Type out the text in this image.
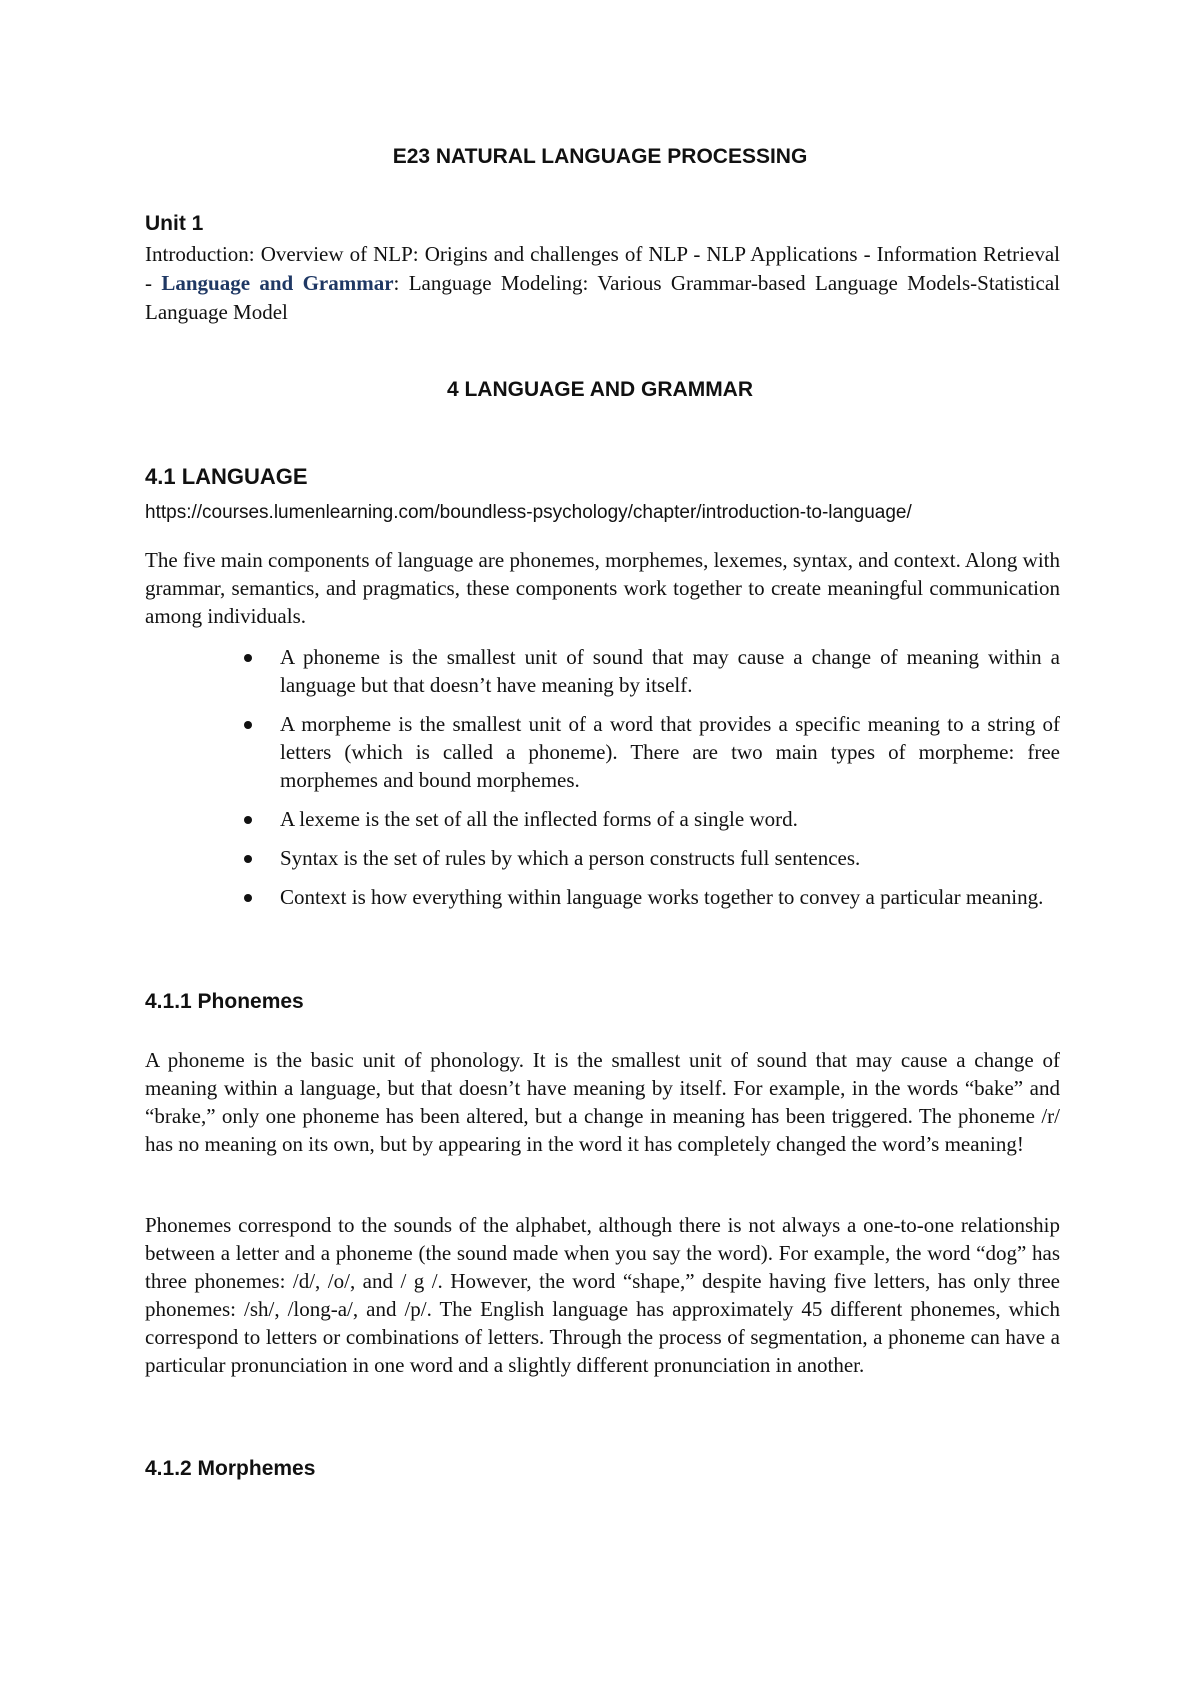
E23 NATURAL LANGUAGE PROCESSING
Unit 1
Introduction: Overview of NLP: Origins and challenges of NLP - NLP Applications - Information Retrieval - Language and Grammar: Language Modeling: Various Grammar-based Language Models-Statistical Language Model
4 LANGUAGE AND GRAMMAR
4.1 LANGUAGE
https://courses.lumenlearning.com/boundless-psychology/chapter/introduction-to-language/
The five main components of language are phonemes, morphemes, lexemes, syntax, and context. Along with grammar, semantics, and pragmatics, these components work together to create meaningful communication among individuals.
A phoneme is the smallest unit of sound that may cause a change of meaning within a language but that doesn’t have meaning by itself.
A morpheme is the smallest unit of a word that provides a specific meaning to a string of letters (which is called a phoneme). There are two main types of morpheme: free morphemes and bound morphemes.
A lexeme is the set of all the inflected forms of a single word.
Syntax is the set of rules by which a person constructs full sentences.
Context is how everything within language works together to convey a particular meaning.
4.1.1 Phonemes
A phoneme is the basic unit of phonology. It is the smallest unit of sound that may cause a change of meaning within a language, but that doesn’t have meaning by itself. For example, in the words “bake” and “brake,” only one phoneme has been altered, but a change in meaning has been triggered. The phoneme /r/ has no meaning on its own, but by appearing in the word it has completely changed the word’s meaning!
Phonemes correspond to the sounds of the alphabet, although there is not always a one-to-one relationship between a letter and a phoneme (the sound made when you say the word). For example, the word “dog” has three phonemes: /d/, /o/, and / g /. However, the word “shape,” despite having five letters, has only three phonemes: /sh/, /long-a/, and /p/. The English language has approximately 45 different phonemes, which correspond to letters or combinations of letters. Through the process of segmentation, a phoneme can have a particular pronunciation in one word and a slightly different pronunciation in another.
4.1.2 Morphemes
